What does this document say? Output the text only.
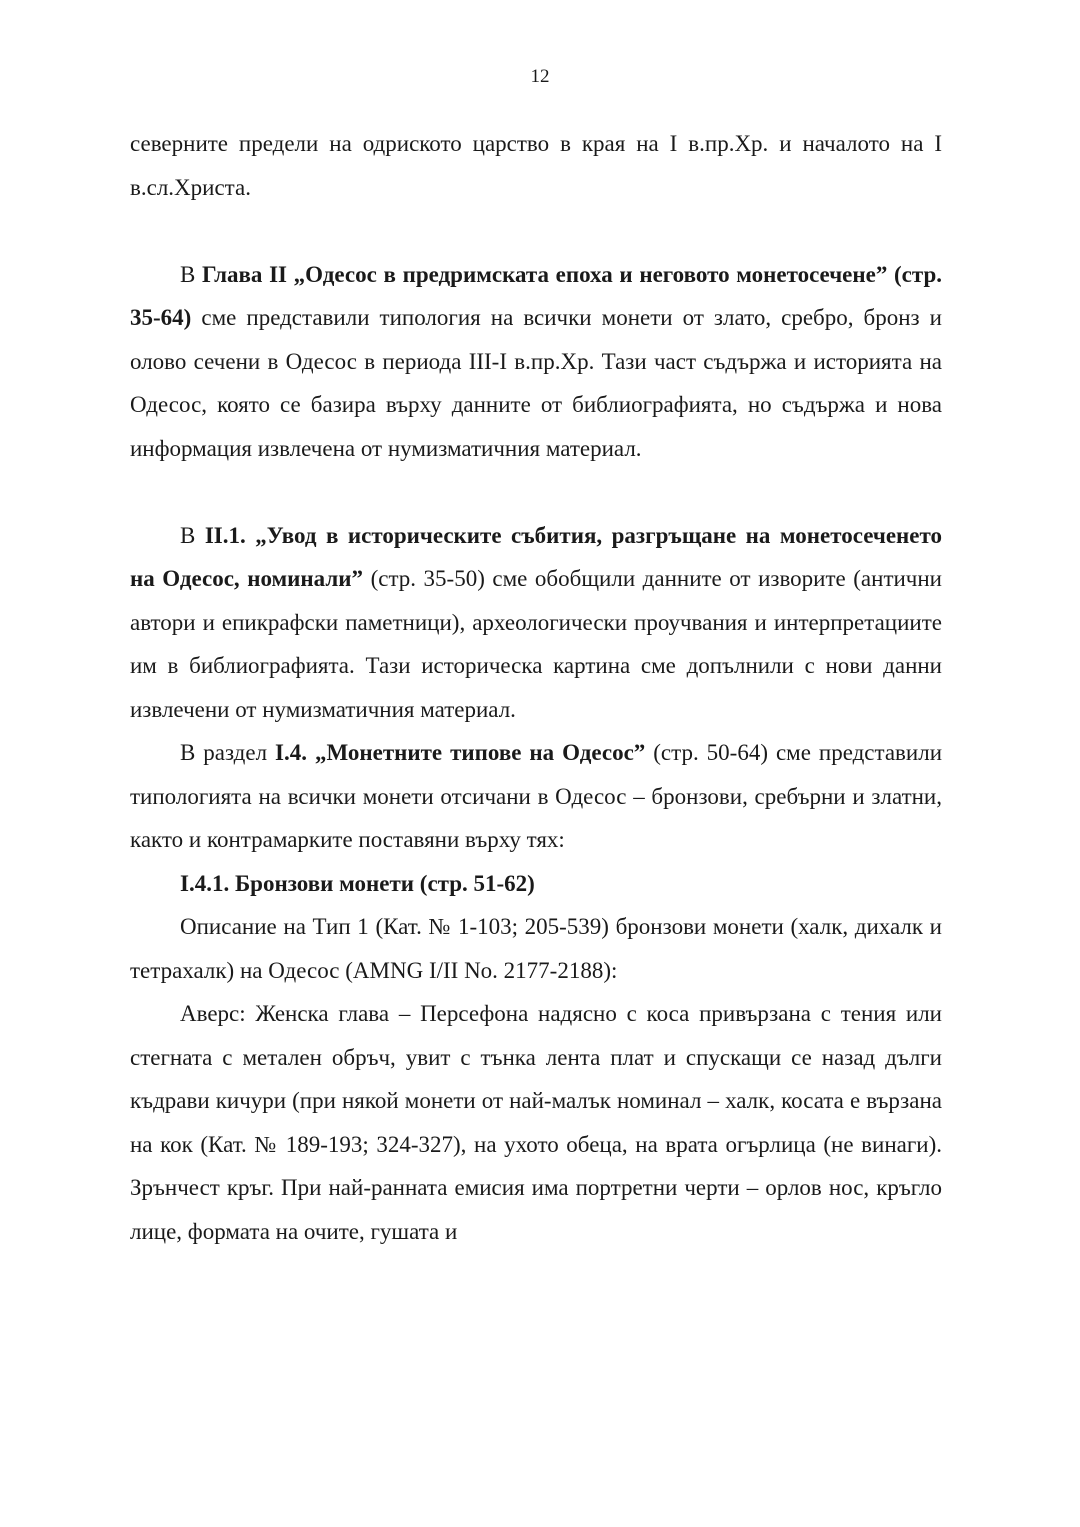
12

северните предели на одриското царство в края на I в.пр.Хр. и началото на I в.сл.Христа.

В Глава II „Одесос в предримската епоха и неговото монетосечене” (стр. 35-64) сме представили типология на всички монети от злато, сребро, бронз и олово сечени в Одесос в периода III-I в.пр.Хр. Тази част съдържа и историята на Одесос, която се базира върху данните от библиографията, но съдържа и нова информация извлечена от нумизматичния материал.

В II.1. „Увод в историческите събития, разгръщане на монетосеченето на Одесос, номинали” (стр. 35-50) сме обобщили данните от изворите (антични автори и епикрафски паметници), археологически проучвания и интерпретациите им в библиографията. Тази историческа картина сме допълнили с нови данни извлечени от нумизматичния материал.

В раздел I.4. „Монетните типове на Одесос” (стр. 50-64) сме представили типологията на всички монети отсичани в Одесос – бронзови, сребърни и златни, както и контрамарките поставяни върху тях:

I.4.1. Бронзови монети (стр. 51-62)

Описание на Тип 1 (Кат. № 1-103; 205-539) бронзови монети (халк, дихалк и тетрахалк) на Одесос (AMNG I/II No. 2177-2188):

Аверс: Женска глава – Персефона надясно с коса привързана с тения или стегната с метален обръч, увит с тънка лента плат и спускащи се назад дълги къдрави кичури (при някой монети от най-малък номинал – халк, косата е вързана на кок (Кат. № 189-193; 324-327), на ухото обеца, на врата огърлица (не винаги). Зрънчест кръг. При най-ранната емисия има портретни черти – орлов нос, кръгло лице, формата на очите, гушата и
